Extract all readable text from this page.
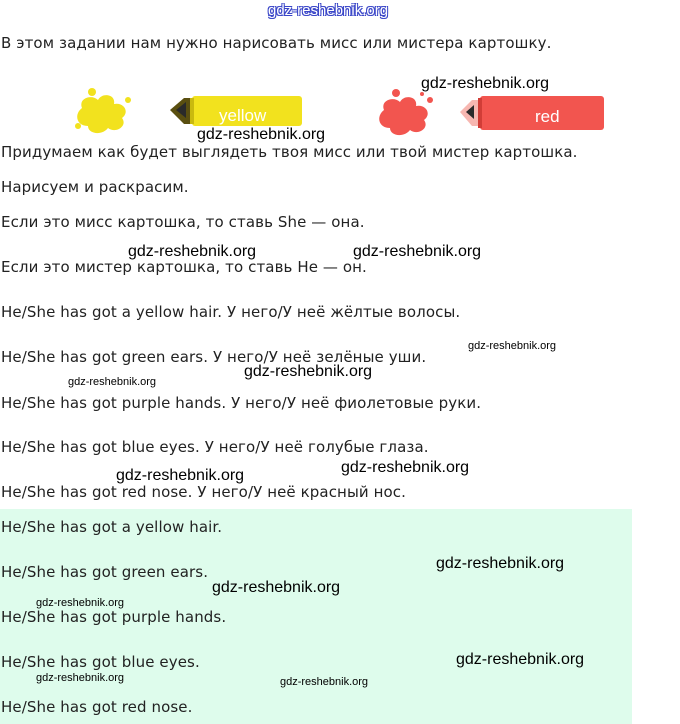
gdz-reshebnik.org
В этом задании нам нужно нарисовать мисс или мистера картошку.
yellow	red
gdz-reshebnik.org
gdz-reshebnik.org
Придумаем как будет выглядеть твоя мисс или твой мистер картошка.
Нарисуем и раскрасим.
Если это мисс картошка, то ставь She — она.
gdz-reshebnik.org	gdz-reshebnik.org
Если это мистер картошка, то ставь He — он.
He/She has got a yellow hair. У него/У неё жёлтые волосы.
gdz-reshebnik.org
He/She has got green ears. У него/У неё зелёные уши.
gdz-reshebnik.org
gdz-reshebnik.org
He/She has got purple hands. У него/У неё фиолетовые руки.
He/She has got blue eyes. У него/У неё голубые глаза.
gdz-reshebnik.org
gdz-reshebnik.org
He/She has got red nose. У него/У неё красный нос.
He/She has got a yellow hair.
gdz-reshebnik.org
He/She has got green ears.
gdz-reshebnik.org
gdz-reshebnik.org
He/She has got purple hands.
gdz-reshebnik.org
He/She has got blue eyes.
gdz-reshebnik.org	gdz-reshebnik.org
He/She has got red nose.
